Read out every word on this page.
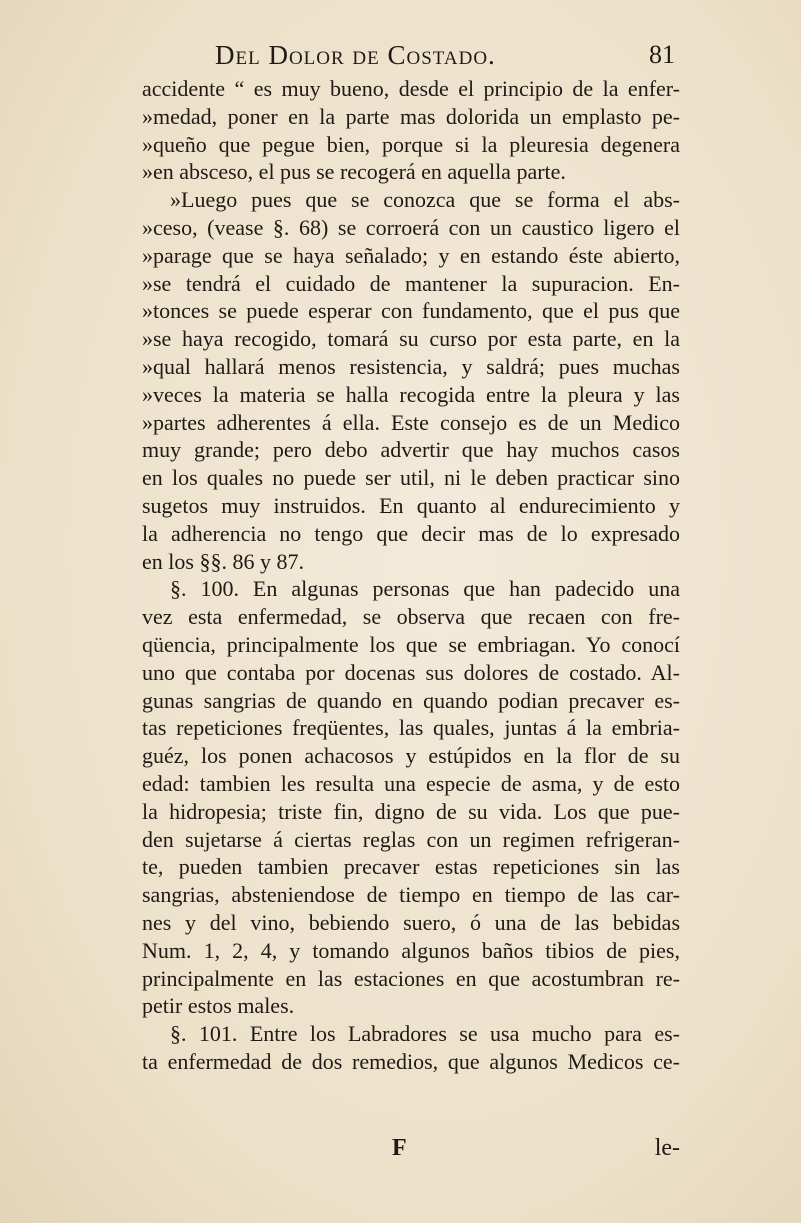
Del Dolor de Costado.	81
accidente “ es muy bueno, desde el principio de la enfer-
»medad, poner en la parte mas dolorida un emplasto pe-
»queño que pegue bien, porque si la pleuresia degenera
»en absceso, el pus se recogerá en aquella parte.
»Luego pues que se conozca que se forma el abs-
»ceso, (vease §. 68) se corroerá con un caustico ligero el
»parage que se haya señalado; y en estando éste abierto,
»se tendrá el cuidado de mantener la supuracion. En-
»tonces se puede esperar con fundamento, que el pus que
»se haya recogido, tomará su curso por esta parte, en la
»qual hallará menos resistencia, y saldrá; pues muchas
»veces la materia se halla recogida entre la pleura y las
»partes adherentes á ella. Este consejo es de un Medico
muy grande; pero debo advertir que hay muchos casos
en los quales no puede ser util, ni le deben practicar sino
sugetos muy instruidos. En quanto al endurecimiento y
la adherencia no tengo que decir mas de lo expresado
en los §§. 86 y 87.
§. 100. En algunas personas que han padecido una
vez esta enfermedad, se observa que recaen con fre-
qüencia, principalmente los que se embriagan. Yo conocí
uno que contaba por docenas sus dolores de costado. Al-
gunas sangrias de quando en quando podian precaver es-
tas repeticiones freqüentes, las quales, juntas á la embria-
guéz, los ponen achacosos y estúpidos en la flor de su
edad: tambien les resulta una especie de asma, y de esto
la hidropesia; triste fin, digno de su vida. Los que pue-
den sujetarse á ciertas reglas con un regimen refrigeran-
te, pueden tambien precaver estas repeticiones sin las
sangrias, absteniendose de tiempo en tiempo de las car-
nes y del vino, bebiendo suero, ó una de las bebidas
Num. 1, 2, 4, y tomando algunos baños tibios de pies,
principalmente en las estaciones en que acostumbran re-
petir estos males.
§. 101. Entre los Labradores se usa mucho para es-
ta enfermedad de dos remedios, que algunos Medicos ce-
F	le-
